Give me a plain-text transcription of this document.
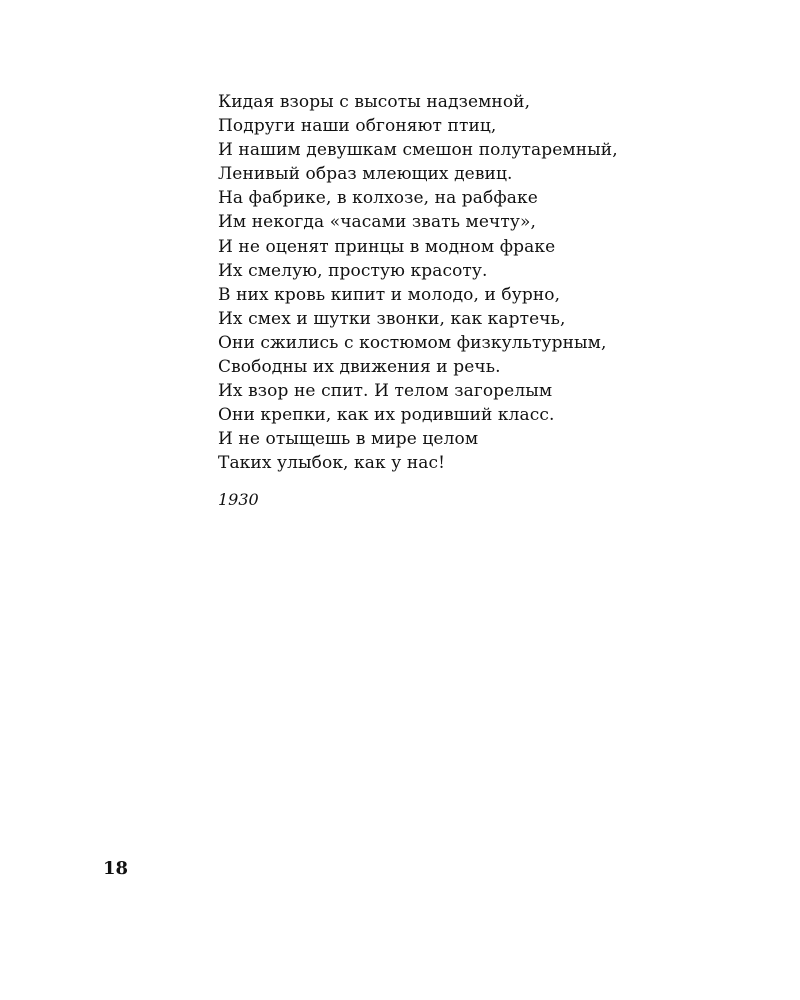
Кидая взоры с высоты надземной,
Подруги наши обгоняют птиц,
И нашим девушкам смешон полутаремный,
Ленивый образ млеющих девиц.
На фабрике, в колхозе, на рабфаке
Им некогда «часами звать мечту»,
И не оценят принцы в модном фраке
Их смелую, простую красоту.
В них кровь кипит и молодо, и бурно,
Их смех и шутки звонки, как картечь,
Они сжились с костюмом физкультурным,
Свободны их движения и речь.
Их взор не спит. И телом загорелым
Они крепки, как их родивший класс.
И не отыщешь в мире целом
Таких улыбок, как у нас!
1930
18
